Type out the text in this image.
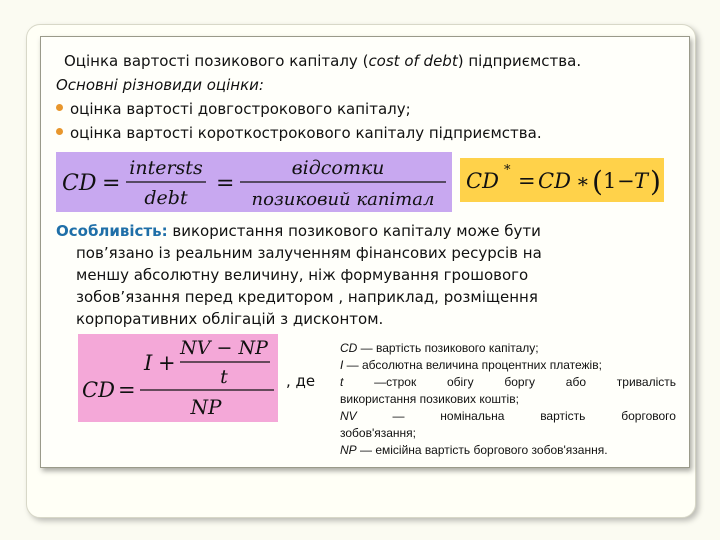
Оцінка вартості позикового капіталу (cost of debt) підприємства.
Основні різновиди оцінки:
оцінка вартості довгострокового капіталу;
оцінка вартості короткострокового капіталу підприємства.
CD =
intersts
debt
=
відсотки
позиковий капітал
CD * = CD ∗ ( 1 − T )
Особливість: використання позикового капіталу може бути
пов’язано із реальним залученням фінансових ресурсів на
меншу абсолютну величину, ніж формування грошового
зобов’язання перед кредитором , наприклад, розміщення
корпоративних облігацій з дисконтом.
CD =
I +
NV − NP
t
NP
, де
CD — вартість позикового капіталу;
I — абсолютна величина процентних платежів;
t	—строк	обігу	боргу	або	тривалість
використання позикових коштів;
NV	—	номінальна	вартість	боргового
зобов'язання;
NP — емісійна вартість боргового зобов'язання.
